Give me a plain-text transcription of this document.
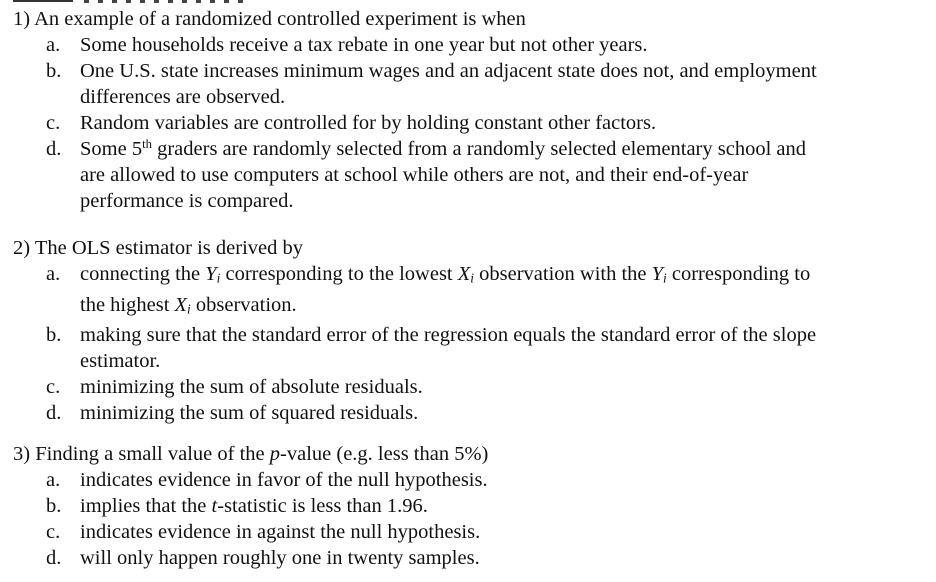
1) An example of a randomized controlled experiment is when
a. Some households receive a tax rebate in one year but not other years.
b. One U.S. state increases minimum wages and an adjacent state does not, and employment
differences are observed.
c. Random variables are controlled for by holding constant other factors.
d. Some 5th graders are randomly selected from a randomly selected elementary school and
are allowed to use computers at school while others are not, and their end-of-year
performance is compared.
2) The OLS estimator is derived by
a. connecting the $Y_i$ corresponding to the lowest $X_i$ observation with the $Y_i$ corresponding to
the highest $X_i$ observation.
b. making sure that the standard error of the regression equals the standard error of the slope
estimator.
c. minimizing the sum of absolute residuals.
d. minimizing the sum of squared residuals.
3) Finding a small value of the p-value (e.g. less than 5%)
a. indicates evidence in favor of the null hypothesis.
b. implies that the t-statistic is less than 1.96.
c. indicates evidence in against the null hypothesis.
d. will only happen roughly one in twenty samples.
